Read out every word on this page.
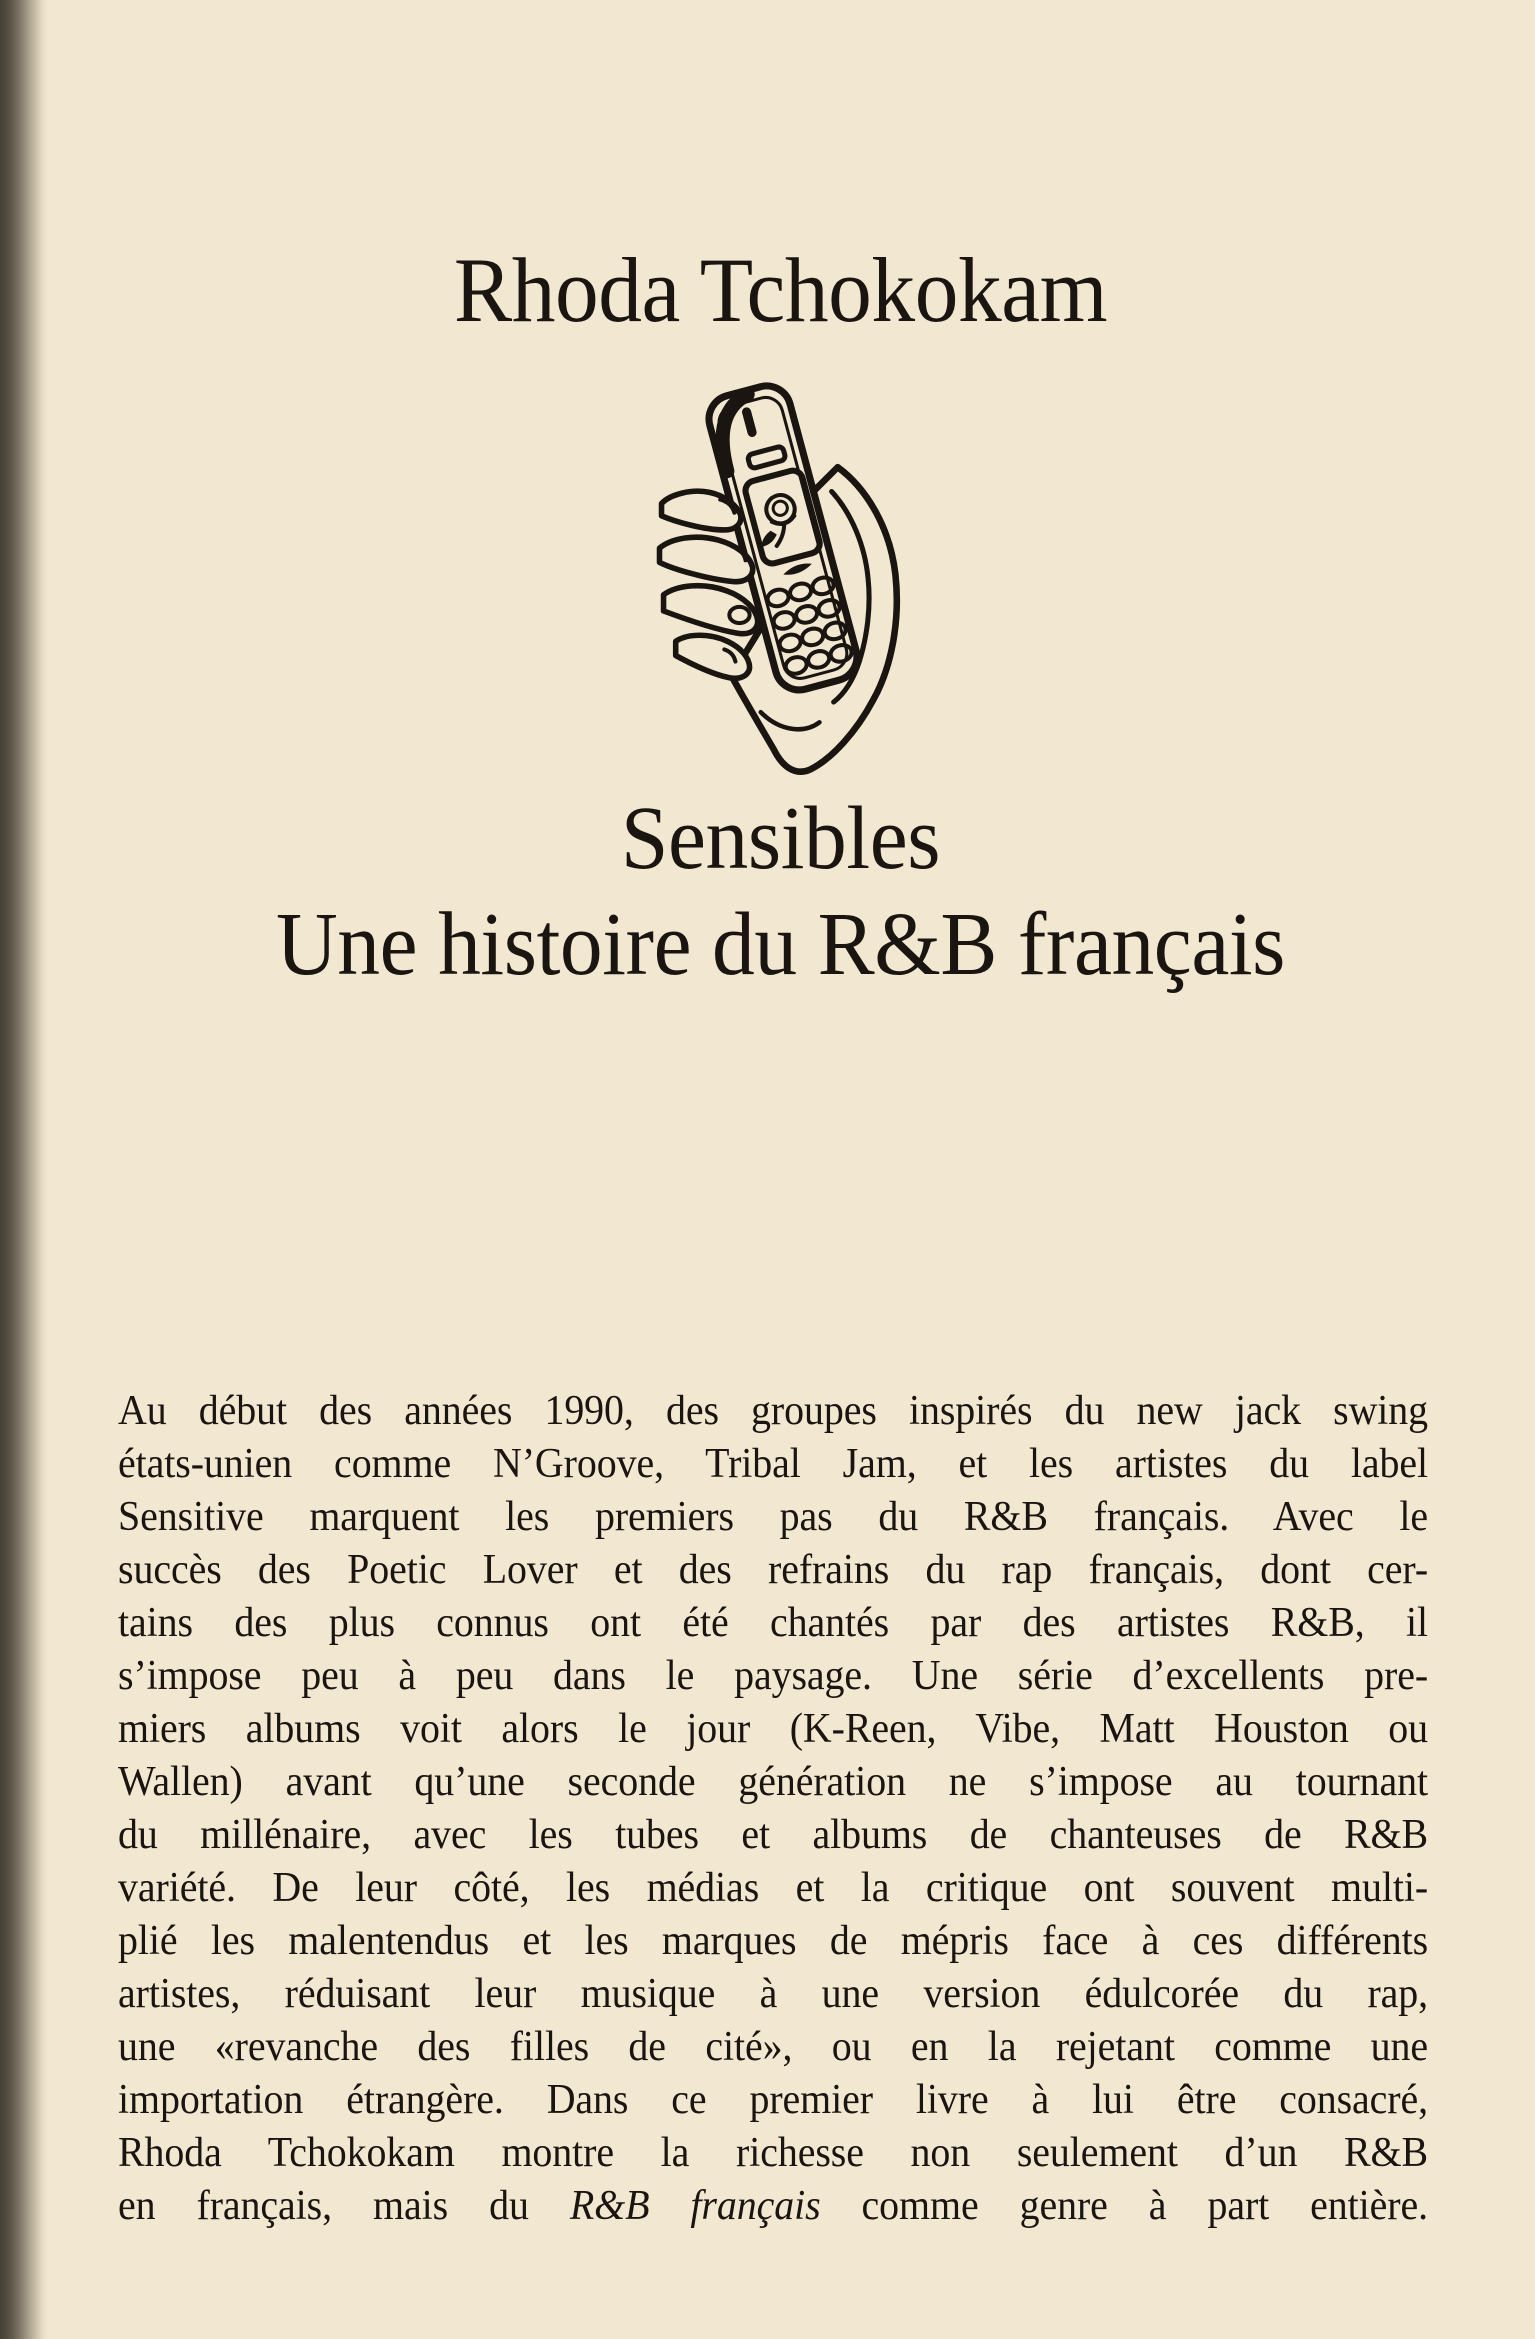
Rhoda Tchokokam
Sensibles
Une histoire du R&B français
Au début des années 1990, des groupes inspirés du new jack swing
états-unien comme N’Groove, Tribal Jam, et les artistes du label
Sensitive marquent les premiers pas du R&B français. Avec le
succès des Poetic Lover et des refrains du rap français, dont cer-
tains des plus connus ont été chantés par des artistes R&B, il
s’impose peu à peu dans le paysage. Une série d’excellents pre-
miers albums voit alors le jour (K-Reen, Vibe, Matt Houston ou
Wallen) avant qu’une seconde génération ne s’impose au tournant
du millénaire, avec les tubes et albums de chanteuses de R&B
variété. De leur côté, les médias et la critique ont souvent multi-
plié les malentendus et les marques de mépris face à ces différents
artistes, réduisant leur musique à une version édulcorée du rap,
une «revanche des filles de cité», ou en la rejetant comme une
importation étrangère. Dans ce premier livre à lui être consacré,
Rhoda Tchokokam montre la richesse non seulement d’un R&B
en français, mais du R&B français comme genre à part entière.
